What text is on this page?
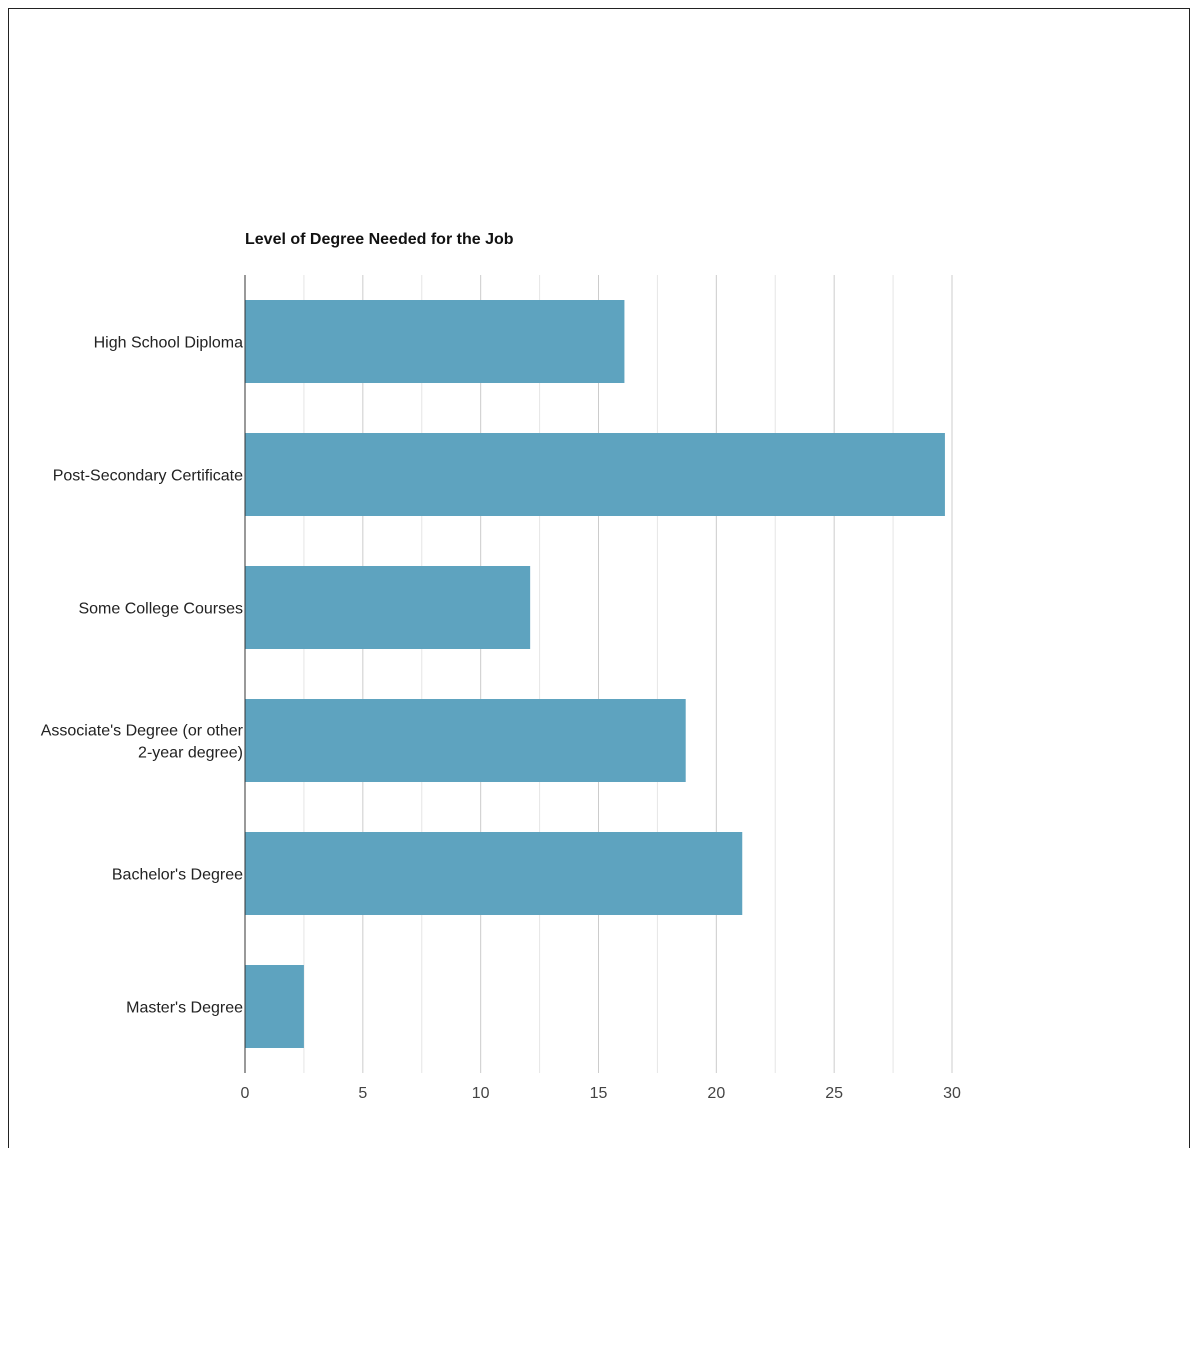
Level of Degree Needed for the Job
High School Diploma
Post-Secondary Certificate
Some College Courses
Associate's Degree (or other
2-year degree)
Bachelor's Degree
Master's Degree
0	5	10	15	20	25	30
